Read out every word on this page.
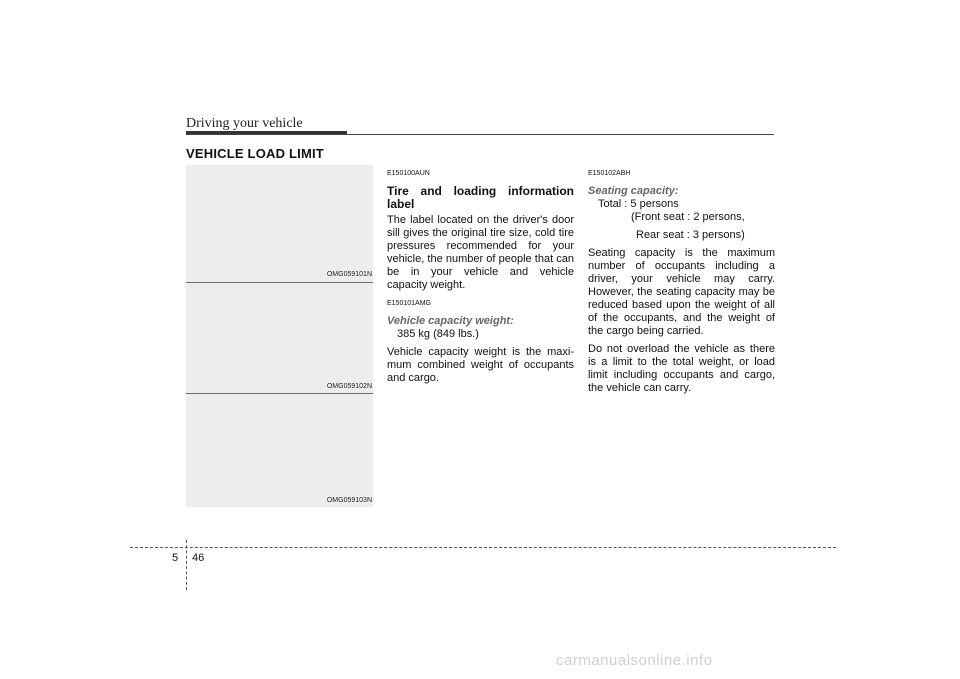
Driving your vehicle
VEHICLE LOAD LIMIT
OMG059101N
OMG059102N
OMG059103N
E150100AUN
Tire and loading information label

The label located on the driver's door sill gives the original tire size, cold tire pressures recommended for your vehicle, the number of people that can be in your vehicle and vehicle capacity weight.

E150101AMG
Vehicle capacity weight:

385 kg (849 lbs.)

Vehicle capacity weight is the maxi- mum combined weight of occupants and cargo.

E150102ABH
Seating capacity:

Total : 5 persons

(Front seat : 2 persons,

Rear seat : 3 persons)

Seating capacity is the maximum number of occupants including a driver, your vehicle may carry. However, the seating capacity may be reduced based upon the weight of all of the occupants, and the weight of the cargo being carried.

Do not overload the vehicle as there is a limit to the total weight, or load limit including occupants and cargo, the vehicle can carry.

5 46
carmanualsonline.info
